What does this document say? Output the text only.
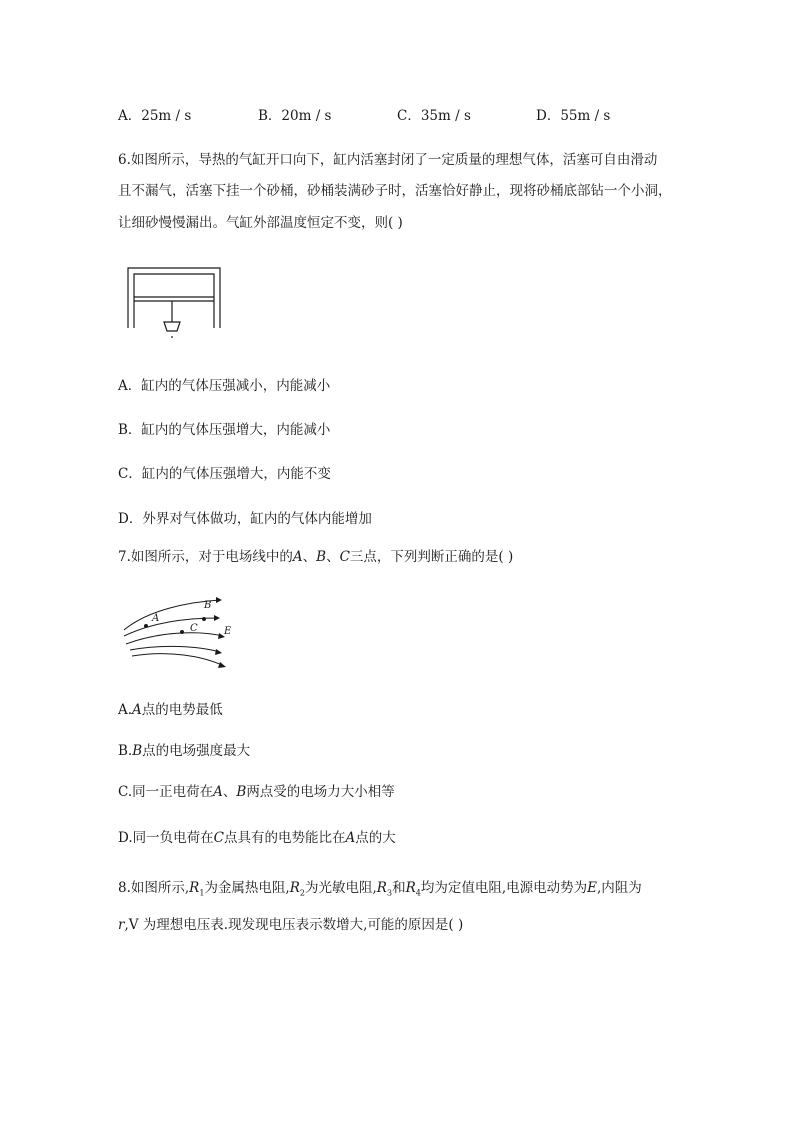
A．25m / s	B．20m / s	C．35m / s	D．55m / s
6.如图所示，导热的气缸开口向下，缸内活塞封闭了一定质量的理想气体，活塞可自由滑动
且不漏气，活塞下挂一个砂桶，砂桶装满砂子时，活塞恰好静止，现将砂桶底部钻一个小洞，
让细砂慢慢漏出。气缸外部温度恒定不变，则( )
A．缸内的气体压强减小，内能减小
B．缸内的气体压强增大，内能减小
C．缸内的气体压强增大，内能不变
D．外界对气体做功，缸内的气体内能增加
7.如图所示，对于电场线中的A、B、C三点，下列判断正确的是( )
A
B
C	E
A.A点的电势最低
B.B点的电场强度最大
C.同一正电荷在A、B两点受的电场力大小相等
D.同一负电荷在C点具有的电势能比在A点的大
8.如图所示$,R_1$为金属热电阻$,R_2$为光敏电阻$,R_3$和$R_4$均为定值电阻,电源电动势为E,内阻为
r,V 为理想电压表.现发现电压表示数增大,可能的原因是( )
